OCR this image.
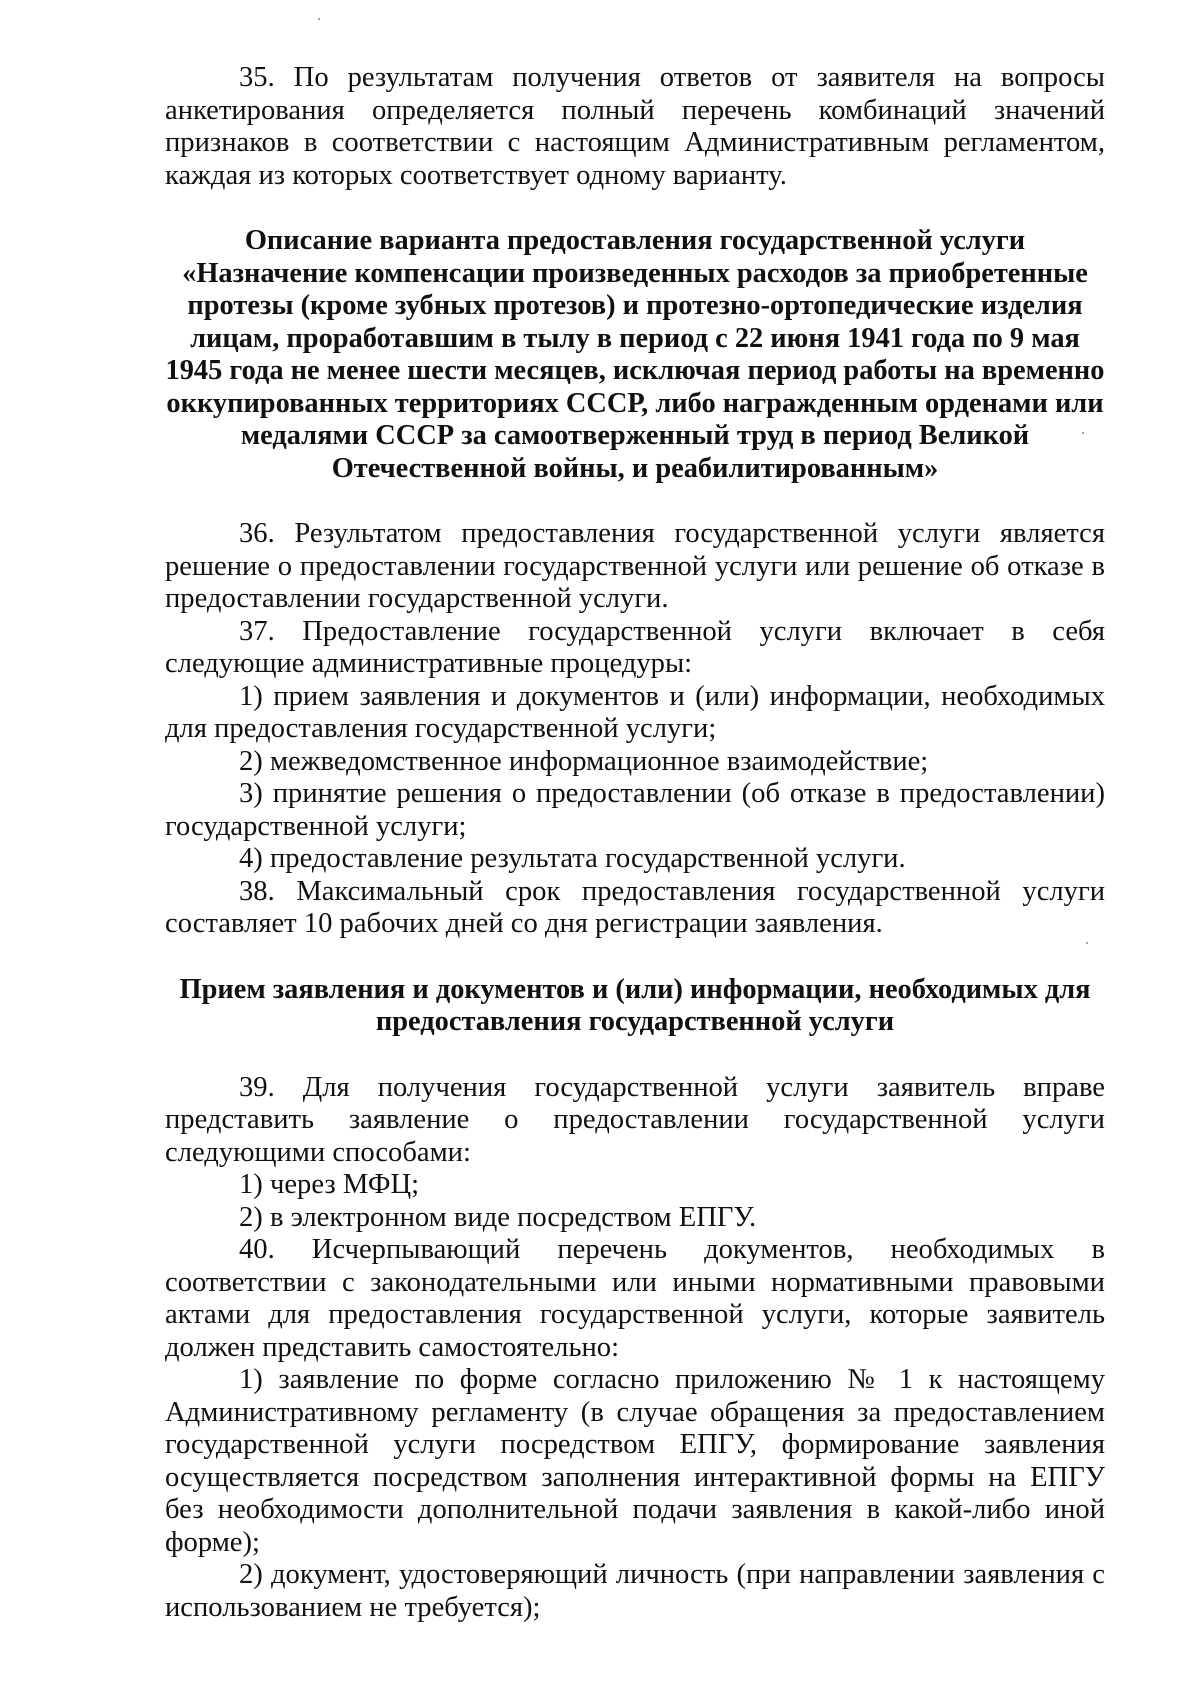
35. По результатам получения ответов от заявителя на вопросы анкетирования определяется полный перечень комбинаций значений признаков в соответствии с настоящим Административным регламентом, каждая из которых соответствует одному варианту.

Описание варианта предоставления государственной услуги «Назначение компенсации произведенных расходов за приобретенные протезы (кроме зубных протезов) и протезно-ортопедические изделия лицам, проработавшим в тылу в период с 22 июня 1941 года по 9 мая 1945 года не менее шести месяцев, исключая период работы на временно оккупированных территориях СССР, либо награжденным орденами или медалями СССР за самоотверженный труд в период Великой Отечественной войны, и реабилитированным»

36. Результатом предоставления государственной услуги является решение о предоставлении государственной услуги или решение об отказе в предоставлении государственной услуги.

37. Предоставление государственной услуги включает в себя следующие административные процедуры:

1) прием заявления и документов и (или) информации, необходимых для предоставления государственной услуги;

2) межведомственное информационное взаимодействие;

3) принятие решения о предоставлении (об отказе в предоставлении) государственной услуги;

4) предоставление результата государственной услуги.

38. Максимальный срок предоставления государственной услуги составляет 10 рабочих дней со дня регистрации заявления.

Прием заявления и документов и (или) информации, необходимых для предоставления государственной услуги

39. Для получения государственной услуги заявитель вправе представить заявление о предоставлении государственной услуги следующими способами:

1) через МФЦ;

2) в электронном виде посредством ЕПГУ.

40. Исчерпывающий перечень документов, необходимых в соответствии с законодательными или иными нормативными правовыми актами для предоставления государственной услуги, которые заявитель должен представить самостоятельно:

1) заявление по форме согласно приложению № 1 к настоящему Административному регламенту (в случае обращения за предоставлением государственной услуги посредством ЕПГУ, формирование заявления осуществляется посредством заполнения интерактивной формы на ЕПГУ без необходимости дополнительной подачи заявления в какой-либо иной форме);

2) документ, удостоверяющий личность (при направлении заявления с использованием не требуется);
